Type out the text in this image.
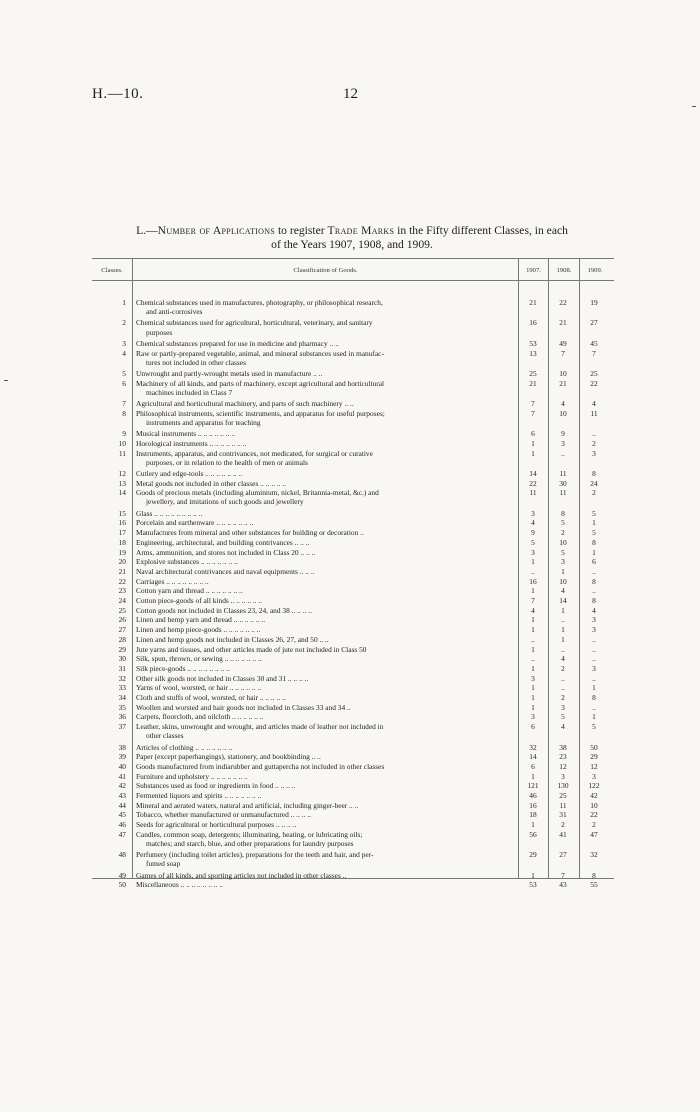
H.—10.	12
L.—Number of Applications to register Trade Marks in the Fifty different Classes, in each
of the Years 1907, 1908, and 1909.
Classes.	Classification of Goods.	1907.	1908.	1909.
1 Chemical substances used in manufactures, photography, or philosophical research,
and anti-corrosives
21	22	19
2 Chemical substances used for agricultural, horticultural, veterinary, and sanitary
purposes
16	21	27
3 Chemical substances prepared for use in medicine and pharmacy .. ..	53	49	45
4 Raw or partly-prepared vegetable, animal, and mineral substances used in manufac-
tures not included in other classes
13	7	7
5 Unwrought and partly-wrought metals used in manufacture .. ..	25	10	25
6 Machinery of all kinds, and parts of machinery, except agricultural and horticultural
machines included in Class 7
21	21	22
7 Agricultural and horticultural machinery, and parts of such machinery .. ..	7	4	4
8 Philosophical instruments, scientific instruments, and apparatus for useful purposes;
instruments and apparatus for teaching
7	10	11
9 Musical instruments .. .. .. .. .. .. ..	6	9	..
10 Horological instruments .. .. .. .. .. .. ..	1	3	2
11 Instruments, apparatus, and contrivances, not medicated, for surgical or curative
purposes, or in relation to the health of men or animals
1	..	3
12 Cutlery and edge-tools .. .. .. .. .. .. ..	14	11	8
13 Metal goods not included in other classes .. .. .. .. ..	22	30	24
14 Goods of precious metals (including aluminium, nickel, Britannia-metal, &c.) and
jewellery, and imitations of such goods and jewellery
11	11	2
15 Glass .. .. .. .. .. .. .. .. ..	3	8	5
16 Porcelain and earthenware .. .. .. .. .. .. ..	4	5	1
17 Manufactures from mineral and other substances for building or decoration ..	9	2	5
18 Engineering, architectural, and building contrivances .. .. ..	5	10	8
19 Arms, ammunition, and stores not included in Class 20 .. .. ..	3	5	1
20 Explosive substances .. .. .. .. .. .. ..	1	3	6
21 Naval architectural contrivances and naval equipments .. .. ..	..	1	..
22 Carriages .. .. .. .. .. .. .. ..	16	10	8
23 Cotton yarn and thread .. .. .. .. .. .. ..	1	4	..
24 Cotton piece-goods of all kinds .. .. .. .. .. ..	7	14	8
25 Cotton goods not included in Classes 23, 24, and 38 .. .. .. ..	4	1	4
26 Linen and hemp yarn and thread .. .. .. .. .. ..	1	..	3
27 Linen and hemp piece-goods .. .. .. .. .. .. ..	1	1	3
28 Linen and hemp goods not included in Classes 26, 27, and 50 .. ..	..	1	..
29 Jute yarns and tissues, and other articles made of jute not included in Class 50	1	..	..
30 Silk, spun, thrown, or sewing .. .. .. .. .. .. ..	..	4	..
31 Silk piece-goods .. .. .. .. .. .. .. ..	1	2	3
32 Other silk goods not included in Classes 30 and 31 .. .. .. ..	3	..	..
33 Yarns of wool, worsted, or hair .. .. .. .. .. ..	1	..	1
34 Cloth and stuffs of wool, worsted, or hair .. .. .. .. ..	1	2	8
35 Woollen and worsted and hair goods not included in Classes 33 and 34 ..	1	3	..
36 Carpets, floorcloth, and oilcloth .. .. .. .. .. ..	3	5	1
37 Leather, skins, unwrought and wrought, and articles made of leather not included in
other classes
6	4	5
38 Articles of clothing .. .. .. .. .. .. ..	32	38	50
39 Paper (except paperhangings), stationery, and bookbinding .. ..	14	23	29
40 Goods manufactured from indiarubber and guttapercha not included in other classes	6	12	12
41 Furniture and upholstery .. .. .. .. .. .. ..	1	3	3
42 Substances used as food or ingredients in food .. .. .. ..	121	130	122
43 Fermented liquors and spirits .. .. .. .. .. .. ..	46	25	42
44 Mineral and aerated waters, natural and artificial, including ginger-beer .. ..	16	11	10
45 Tobacco, whether manufactured or unmanufactured .. .. .. ..	18	31	22
46 Seeds for agricultural or horticultural purposes .. .. .. ..	1	2	2
47 Candles, common soap, detergents; illuminating, heating, or lubricating oils;
matches; and starch, blue, and other preparations for laundry purposes
56	41	47
48 Perfumery (including toilet articles), preparations for the teeth and hair, and per-
fumed soap
29	27	32
49 Games of all kinds, and sporting articles not included in other classes ..	1	7	8
50 Miscellaneous .. .. .. .. .. .. .. ..	53	43	55
